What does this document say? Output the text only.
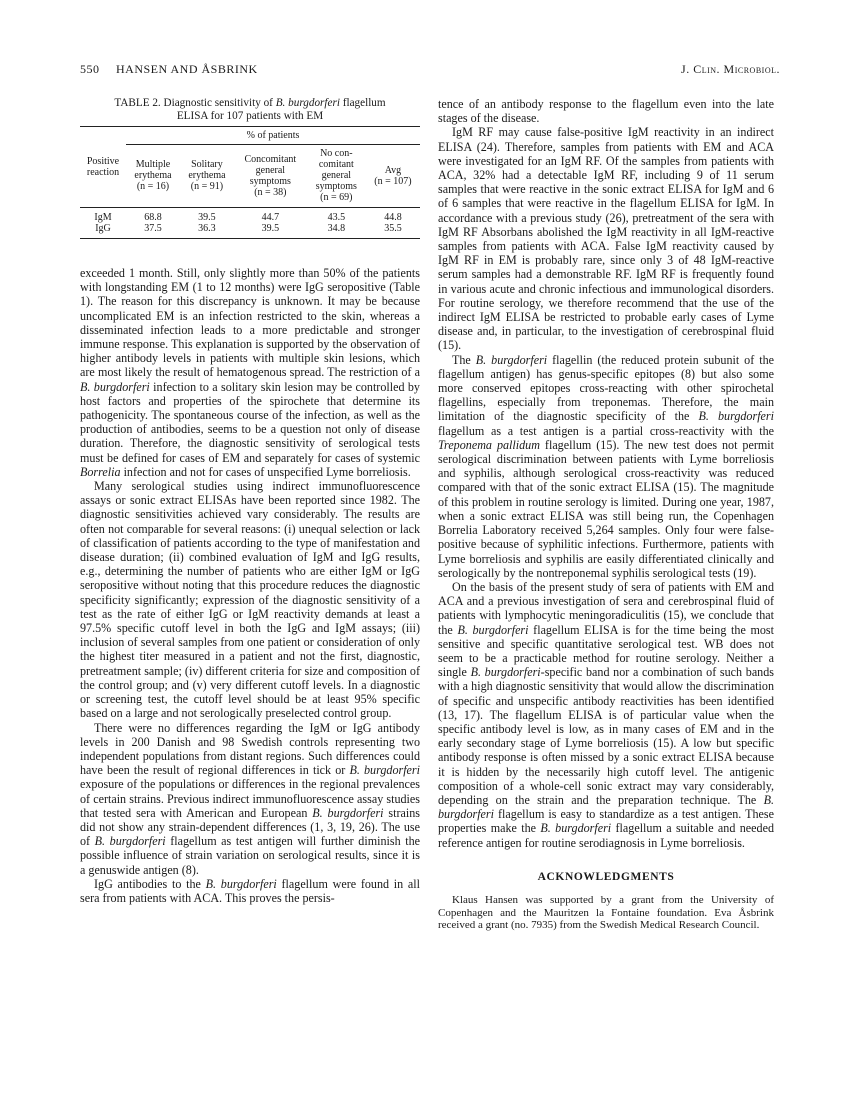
550 HANSEN AND ÅSBRINK	J. Clin. Microbiol.
TABLE 2. Diagnostic sensitivity of B. burgdorferi flagellum
ELISA for 107 patients with EM
Positive
reaction	% of patients				
	Multiple
erythema
(n = 16)	Solitary
erythema
(n = 91)	Concomitant
general
symptoms
(n = 38)	No con-
comitant
general
symptoms
(n = 69)	Avg
(n = 107)
IgM	68.8	39.5	44.7	43.5	44.8
IgG	37.5	36.3	39.5	34.8	35.5

exceeded 1 month. Still, only slightly more than 50% of the patients with longstanding EM (1 to 12 months) were IgG seropositive (Table 1). The reason for this discrepancy is unknown. It may be because uncomplicated EM is an infection restricted to the skin, whereas a disseminated infection leads to a more predictable and stronger immune response. This explanation is supported by the observation of higher antibody levels in patients with multiple skin lesions, which are most likely the result of hematogenous spread. The restriction of a B. burgdorferi infection to a solitary skin lesion may be controlled by host factors and properties of the spirochete that determine its pathogenicity. The spontaneous course of the infection, as well as the production of antibodies, seems to be a question not only of disease duration. Therefore, the diagnostic sensitivity of serological tests must be defined for cases of EM and separately for cases of systemic Borrelia infection and not for cases of unspecified Lyme borreliosis.

Many serological studies using indirect immunofluorescence assays or sonic extract ELISAs have been reported since 1982. The diagnostic sensitivities achieved vary considerably. The results are often not comparable for several reasons: (i) unequal selection or lack of classification of patients according to the type of manifestation and disease duration; (ii) combined evaluation of IgM and IgG results, e.g., determining the number of patients who are either IgM or IgG seropositive without noting that this procedure reduces the diagnostic specificity significantly; expression of the diagnostic sensitivity of a test as the rate of either IgG or IgM reactivity demands at least a 97.5% specific cutoff level in both the IgG and IgM assays; (iii) inclusion of several samples from one patient or consideration of only the highest titer measured in a patient and not the first, diagnostic, pretreatment sample; (iv) different criteria for size and composition of the control group; and (v) very different cutoff levels. In a diagnostic or screening test, the cutoff level should be at least 95% specific based on a large and not serologically preselected control group.

There were no differences regarding the IgM or IgG antibody levels in 200 Danish and 98 Swedish controls representing two independent populations from distant regions. Such differences could have been the result of regional differences in tick or B. burgdorferi exposure of the populations or differences in the regional prevalences of certain strains. Previous indirect immunofluorescence assay studies that tested sera with American and European B. burgdorferi strains did not show any strain-dependent differences (1, 3, 19, 26). The use of B. burgdorferi flagellum as test antigen will further diminish the possible influence of strain variation on serological results, since it is a genuswide antigen (8).

IgG antibodies to the B. burgdorferi flagellum were found in all sera from patients with ACA. This proves the persis-

tence of an antibody response to the flagellum even into the late stages of the disease.

IgM RF may cause false-positive IgM reactivity in an indirect ELISA (24). Therefore, samples from patients with EM and ACA were investigated for an IgM RF. Of the samples from patients with ACA, 32% had a detectable IgM RF, including 9 of 11 serum samples that were reactive in the sonic extract ELISA for IgM and 6 of 6 samples that were reactive in the flagellum ELISA for IgM. In accordance with a previous study (26), pretreatment of the sera with IgM RF Absorbans abolished the IgM reactivity in all IgM-reactive samples from patients with ACA. False IgM reactivity caused by IgM RF in EM is probably rare, since only 3 of 48 IgM-reactive serum samples had a demonstrable RF. IgM RF is frequently found in various acute and chronic infectious and immunological disorders. For routine serology, we therefore recommend that the use of the indirect IgM ELISA be restricted to probable early cases of Lyme disease and, in particular, to the investigation of cerebrospinal fluid (15).

The B. burgdorferi flagellin (the reduced protein subunit of the flagellum antigen) has genus-specific epitopes (8) but also some more conserved epitopes cross-reacting with other spirochetal flagellins, especially from treponemas. Therefore, the main limitation of the diagnostic specificity of the B. burgdorferi flagellum as a test antigen is a partial cross-reactivity with the Treponema pallidum flagellum (15). The new test does not permit serological discrimination between patients with Lyme borreliosis and syphilis, although serological cross-reactivity was reduced compared with that of the sonic extract ELISA (15). The magnitude of this problem in routine serology is limited. During one year, 1987, when a sonic extract ELISA was still being run, the Copenhagen Borrelia Laboratory received 5,264 samples. Only four were false-positive because of syphilitic infections. Furthermore, patients with Lyme borreliosis and syphilis are easily differentiated clinically and serologically by the nontreponemal syphilis serological tests (19).

On the basis of the present study of sera of patients with EM and ACA and a previous investigation of sera and cerebrospinal fluid of patients with lymphocytic meningoradiculitis (15), we conclude that the B. burgdorferi flagellum ELISA is for the time being the most sensitive and specific quantitative serological test. WB does not seem to be a practicable method for routine serology. Neither a single B. burgdorferi-specific band nor a combination of such bands with a high diagnostic sensitivity that would allow the discrimination of specific and unspecific antibody reactivities has been identified (13, 17). The flagellum ELISA is of particular value when the specific antibody level is low, as in many cases of EM and in the early secondary stage of Lyme borreliosis (15). A low but specific antibody response is often missed by a sonic extract ELISA because it is hidden by the necessarily high cutoff level. The antigenic composition of a whole-cell sonic extract may vary considerably, depending on the strain and the preparation technique. The B. burgdorferi flagellum is easy to standardize as a test antigen. These properties make the B. burgdorferi flagellum a suitable and needed reference antigen for routine serodiagnosis in Lyme borreliosis.

ACKNOWLEDGMENTS

Klaus Hansen was supported by a grant from the University of Copenhagen and the Mauritzen la Fontaine foundation. Eva Åsbrink received a grant (no. 7935) from the Swedish Medical Research Council.
